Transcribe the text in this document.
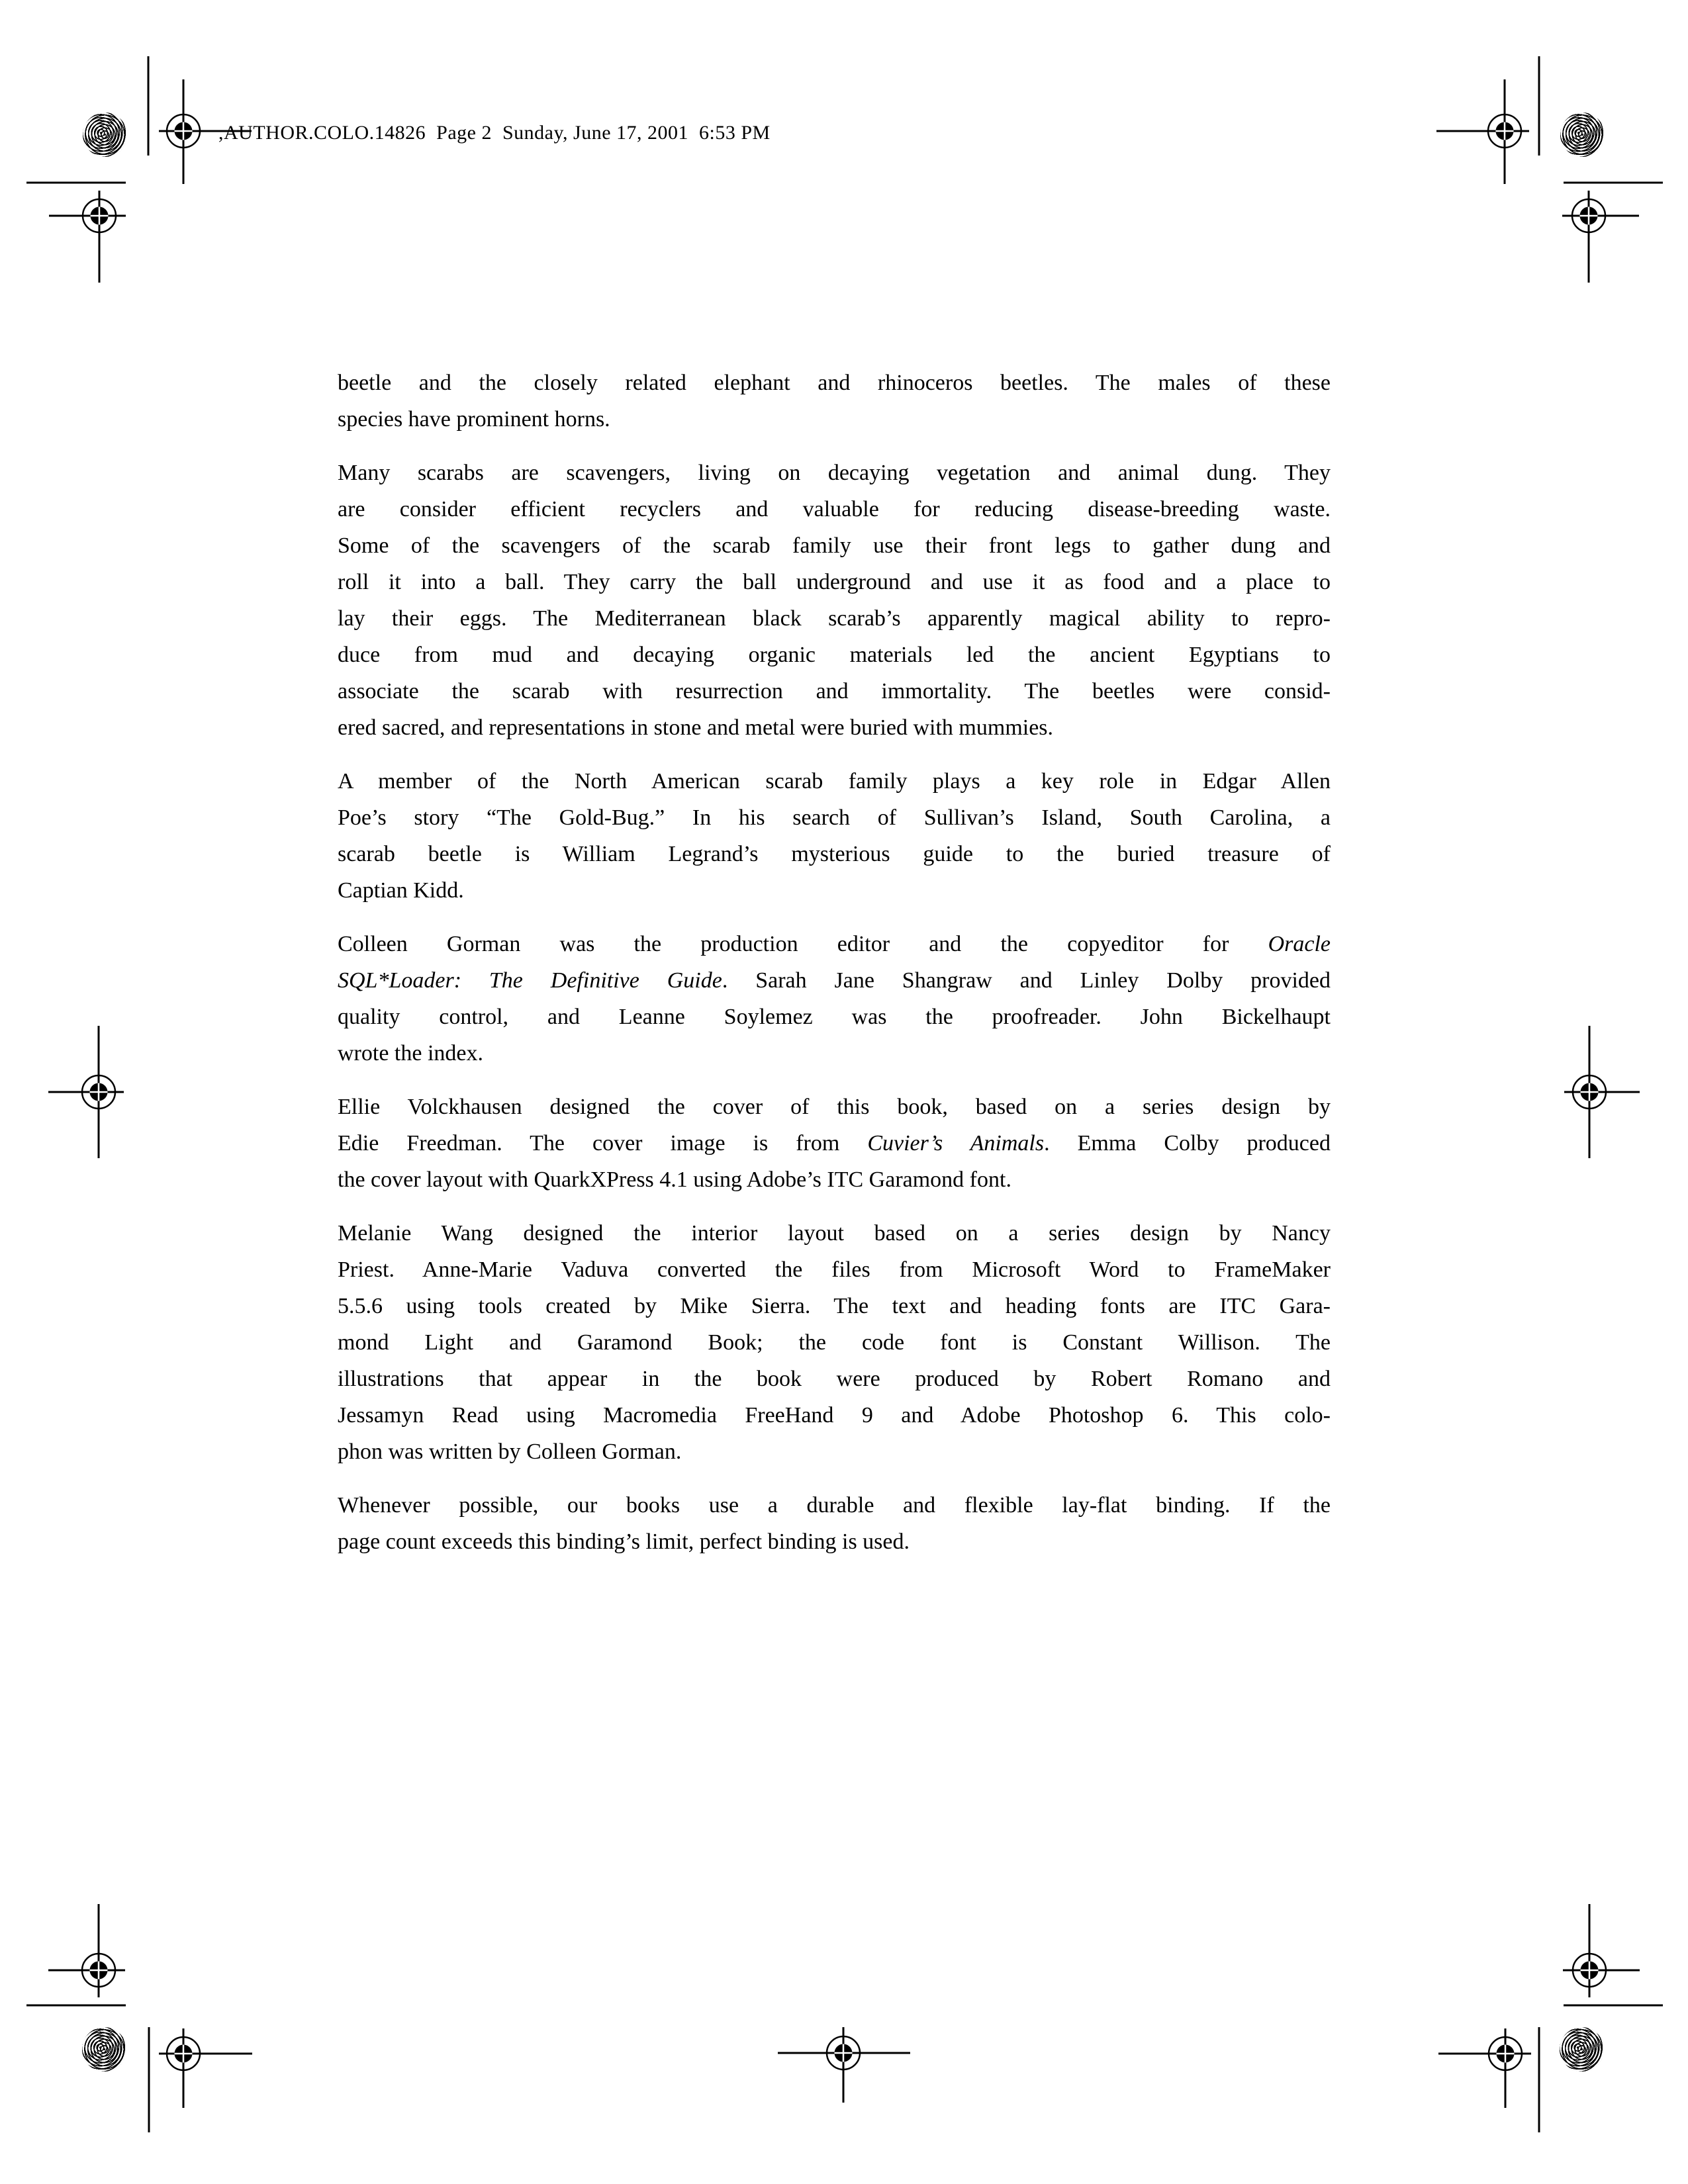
,AUTHOR.COLO.14826  Page 2  Sunday, June 17, 2001  6:53 PM
beetle and the closely related elephant and rhinoceros beetles. The males of these
species have prominent horns.
Many scarabs are scavengers, living on decaying vegetation and animal dung. They
are consider efficient recyclers and valuable for reducing disease-breeding waste.
Some of the scavengers of the scarab family use their front legs to gather dung and
roll it into a ball. They carry the ball underground and use it as food and a place to
lay their eggs. The Mediterranean black scarab’s apparently magical ability to repro-
duce from mud and decaying organic materials led the ancient Egyptians to
associate the scarab with resurrection and immortality. The beetles were consid-
ered sacred, and representations in stone and metal were buried with mummies.
A member of the North American scarab family plays a key role in Edgar Allen
Poe’s story “The Gold-Bug.” In his search of Sullivan’s Island, South Carolina, a
scarab beetle is William Legrand’s mysterious guide to the buried treasure of
Captian Kidd.
Colleen Gorman was the production editor and the copyeditor for Oracle
SQL*Loader: The Definitive Guide. Sarah Jane Shangraw and Linley Dolby provided
quality control, and Leanne Soylemez was the proofreader. John Bickelhaupt
wrote the index.
Ellie Volckhausen designed the cover of this book, based on a series design by
Edie Freedman. The cover image is from Cuvier’s Animals. Emma Colby produced
the cover layout with QuarkXPress 4.1 using Adobe’s ITC Garamond font.
Melanie Wang designed the interior layout based on a series design by Nancy
Priest. Anne-Marie Vaduva converted the files from Microsoft Word to FrameMaker
5.5.6 using tools created by Mike Sierra. The text and heading fonts are ITC Gara-
mond Light and Garamond Book; the code font is Constant Willison. The
illustrations that appear in the book were produced by Robert Romano and
Jessamyn Read using Macromedia FreeHand 9 and Adobe Photoshop 6. This colo-
phon was written by Colleen Gorman.
Whenever possible, our books use a durable and flexible lay-flat binding. If the
page count exceeds this binding’s limit, perfect binding is used.
